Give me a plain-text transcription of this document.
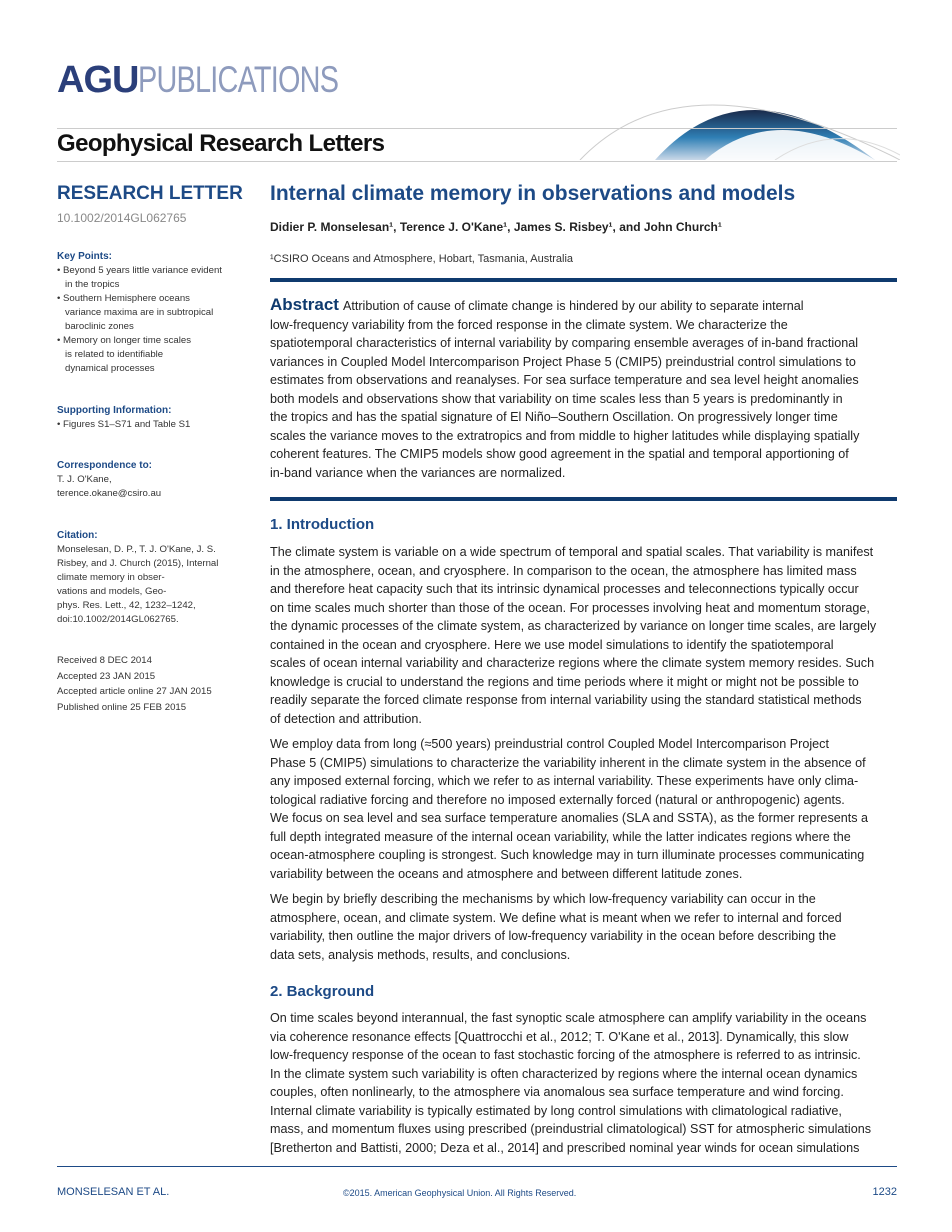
AGU PUBLICATIONS
Geophysical Research Letters
RESEARCH LETTER
10.1002/2014GL062765
Key Points:
• Beyond 5 years little variance evident
in the tropics
• Southern Hemisphere oceans
variance maxima are in subtropical
baroclinic zones
• Memory on longer time scales
is related to identifiable
dynamical processes
Supporting Information:
• Figures S1–S71 and Table S1
Correspondence to:
T. J. O'Kane,
terence.okane@csiro.au
Citation:
Monselesan, D. P., T. J. O'Kane, J. S.
Risbey, and J. Church (2015), Internal
climate memory in obser-
vations and models, Geo-
phys. Res. Lett., 42, 1232–1242,
doi:10.1002/2014GL062765.
Received 8 DEC 2014
Accepted 23 JAN 2015
Accepted article online 27 JAN 2015
Published online 25 FEB 2015
Internal climate memory in observations and models
Didier P. Monselesan¹, Terence J. O'Kane¹, James S. Risbey¹, and John Church¹
¹CSIRO Oceans and Atmosphere, Hobart, Tasmania, Australia
Abstract Attribution of cause of climate change is hindered by our ability to separate internal
low-frequency variability from the forced response in the climate system. We characterize the
spatiotemporal characteristics of internal variability by comparing ensemble averages of in-band fractional
variances in Coupled Model Intercomparison Project Phase 5 (CMIP5) preindustrial control simulations to
estimates from observations and reanalyses. For sea surface temperature and sea level height anomalies
both models and observations show that variability on time scales less than 5 years is predominantly in
the tropics and has the spatial signature of El Niño–Southern Oscillation. On progressively longer time
scales the variance moves to the extratropics and from middle to higher latitudes while displaying spatially
coherent features. The CMIP5 models show good agreement in the spatial and temporal apportioning of
in-band variance when the variances are normalized.
1. Introduction
The climate system is variable on a wide spectrum of temporal and spatial scales. That variability is manifest
in the atmosphere, ocean, and cryosphere. In comparison to the ocean, the atmosphere has limited mass
and therefore heat capacity such that its intrinsic dynamical processes and teleconnections typically occur
on time scales much shorter than those of the ocean. For processes involving heat and momentum storage,
the dynamic processes of the climate system, as characterized by variance on longer time scales, are largely
contained in the ocean and cryosphere. Here we use model simulations to identify the spatiotemporal
scales of ocean internal variability and characterize regions where the climate system memory resides. Such
knowledge is crucial to understand the regions and time periods where it might or might not be possible to
readily separate the forced climate response from internal variability using the standard statistical methods
of detection and attribution.
We employ data from long (≈500 years) preindustrial control Coupled Model Intercomparison Project
Phase 5 (CMIP5) simulations to characterize the variability inherent in the climate system in the absence of
any imposed external forcing, which we refer to as internal variability. These experiments have only clima-
tological radiative forcing and therefore no imposed externally forced (natural or anthropogenic) agents.
We focus on sea level and sea surface temperature anomalies (SLA and SSTA), as the former represents a
full depth integrated measure of the internal ocean variability, while the latter indicates regions where the
ocean-atmosphere coupling is strongest. Such knowledge may in turn illuminate processes communicating
variability between the oceans and atmosphere and between different latitude zones.
We begin by briefly describing the mechanisms by which low-frequency variability can occur in the
atmosphere, ocean, and climate system. We define what is meant when we refer to internal and forced
variability, then outline the major drivers of low-frequency variability in the ocean before describing the
data sets, analysis methods, results, and conclusions.
2. Background
On time scales beyond interannual, the fast synoptic scale atmosphere can amplify variability in the oceans
via coherence resonance effects [Quattrocchi et al., 2012; T. O'Kane et al., 2013]. Dynamically, this slow
low-frequency response of the ocean to fast stochastic forcing of the atmosphere is referred to as intrinsic.
In the climate system such variability is often characterized by regions where the internal ocean dynamics
couples, often nonlinearly, to the atmosphere via anomalous sea surface temperature and wind forcing.
Internal climate variability is typically estimated by long control simulations with climatological radiative,
mass, and momentum fluxes using prescribed (preindustrial climatological) SST for atmospheric simulations
[Bretherton and Battisti, 2000; Deza et al., 2014] and prescribed nominal year winds for ocean simulations
MONSELESAN ET AL.	©2015. American Geophysical Union. All Rights Reserved.	1232
